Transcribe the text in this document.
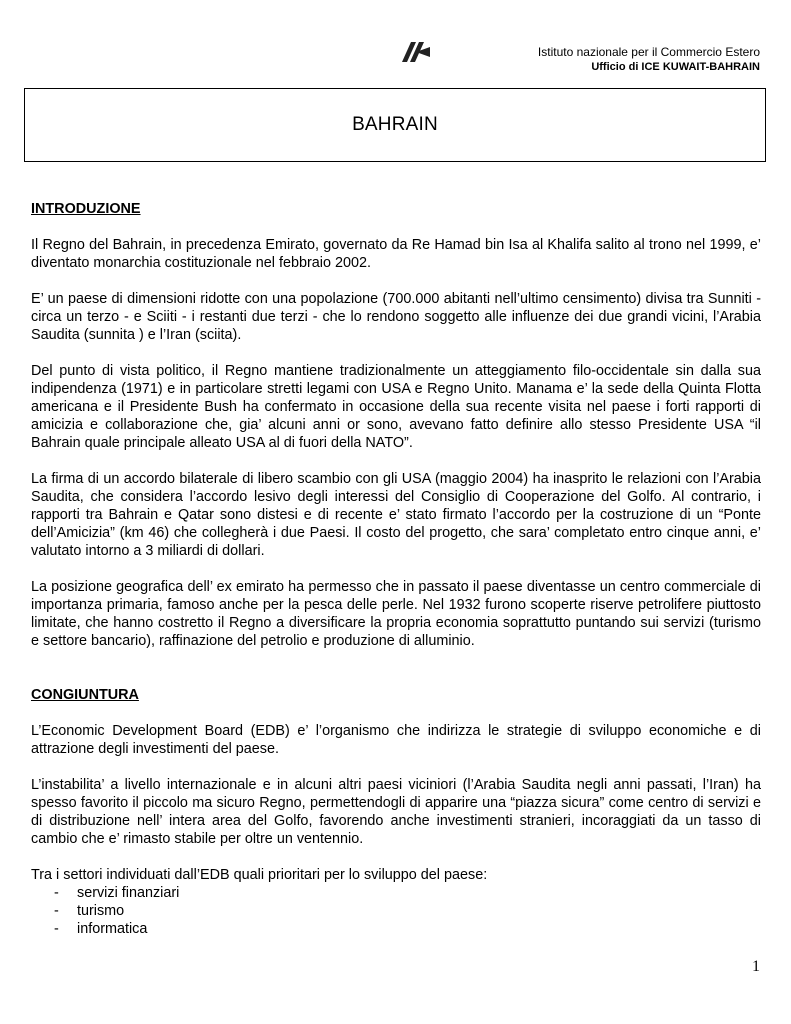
Istituto nazionale per il Commercio Estero
Ufficio di ICE KUWAIT-BAHRAIN
BAHRAIN
INTRODUZIONE

Il Regno del Bahrain, in precedenza Emirato, governato da Re Hamad bin Isa al Khalifa salito al trono nel 1999, e’ diventato monarchia costituzionale nel febbraio 2002.

E’ un paese di dimensioni ridotte con una popolazione (700.000 abitanti nell’ultimo censimento) divisa tra Sunniti - circa un terzo - e Sciiti - i restanti due terzi - che lo rendono soggetto alle influenze dei due grandi vicini, l’Arabia Saudita (sunnita ) e l’Iran (sciita).

Del punto di vista politico, il Regno mantiene tradizionalmente un atteggiamento filo-occidentale sin dalla sua indipendenza (1971) e in particolare stretti legami con USA e Regno Unito. Manama e’ la sede della Quinta Flotta americana e il Presidente Bush ha confermato in occasione della sua recente visita nel paese i forti rapporti di amicizia e collaborazione che, gia’ alcuni anni or sono, avevano fatto definire allo stesso Presidente USA “il Bahrain quale principale alleato USA al di fuori della NATO”.

La firma di un accordo bilaterale di libero scambio con gli USA (maggio 2004) ha inasprito le relazioni con l’Arabia Saudita, che considera l’accordo lesivo degli interessi del Consiglio di Cooperazione del Golfo. Al contrario, i rapporti tra Bahrain e Qatar sono distesi e di recente e’ stato firmato l’accordo per la costruzione di un “Ponte dell’Amicizia” (km 46) che collegherà i due Paesi. Il costo del progetto, che sara’ completato entro cinque anni, e’ valutato intorno a 3 miliardi di dollari.

La posizione geografica dell’ ex emirato ha permesso che in passato il paese diventasse un centro commerciale di importanza primaria, famoso anche per la pesca delle perle. Nel 1932 furono scoperte riserve petrolifere piuttosto limitate, che hanno costretto il Regno a diversificare la propria economia soprattutto puntando sui servizi (turismo e settore bancario), raffinazione del petrolio e produzione di alluminio.

CONGIUNTURA

L’Economic Development Board (EDB) e’ l’organismo che indirizza le strategie di sviluppo economiche e di attrazione degli investimenti del paese.

L’instabilita’ a livello internazionale e in alcuni altri paesi viciniori (l’Arabia Saudita negli anni passati, l’Iran) ha spesso favorito il piccolo ma sicuro Regno, permettendogli di apparire una “piazza sicura” come centro di servizi e di distribuzione nell’ intera area del Golfo, favorendo anche investimenti stranieri, incoraggiati da un tasso di cambio che e’ rimasto stabile per oltre un ventennio.

Tra i settori individuati dall’EDB quali prioritari per lo sviluppo del paese:

- servizi finanziari
- turismo
- informatica
1
